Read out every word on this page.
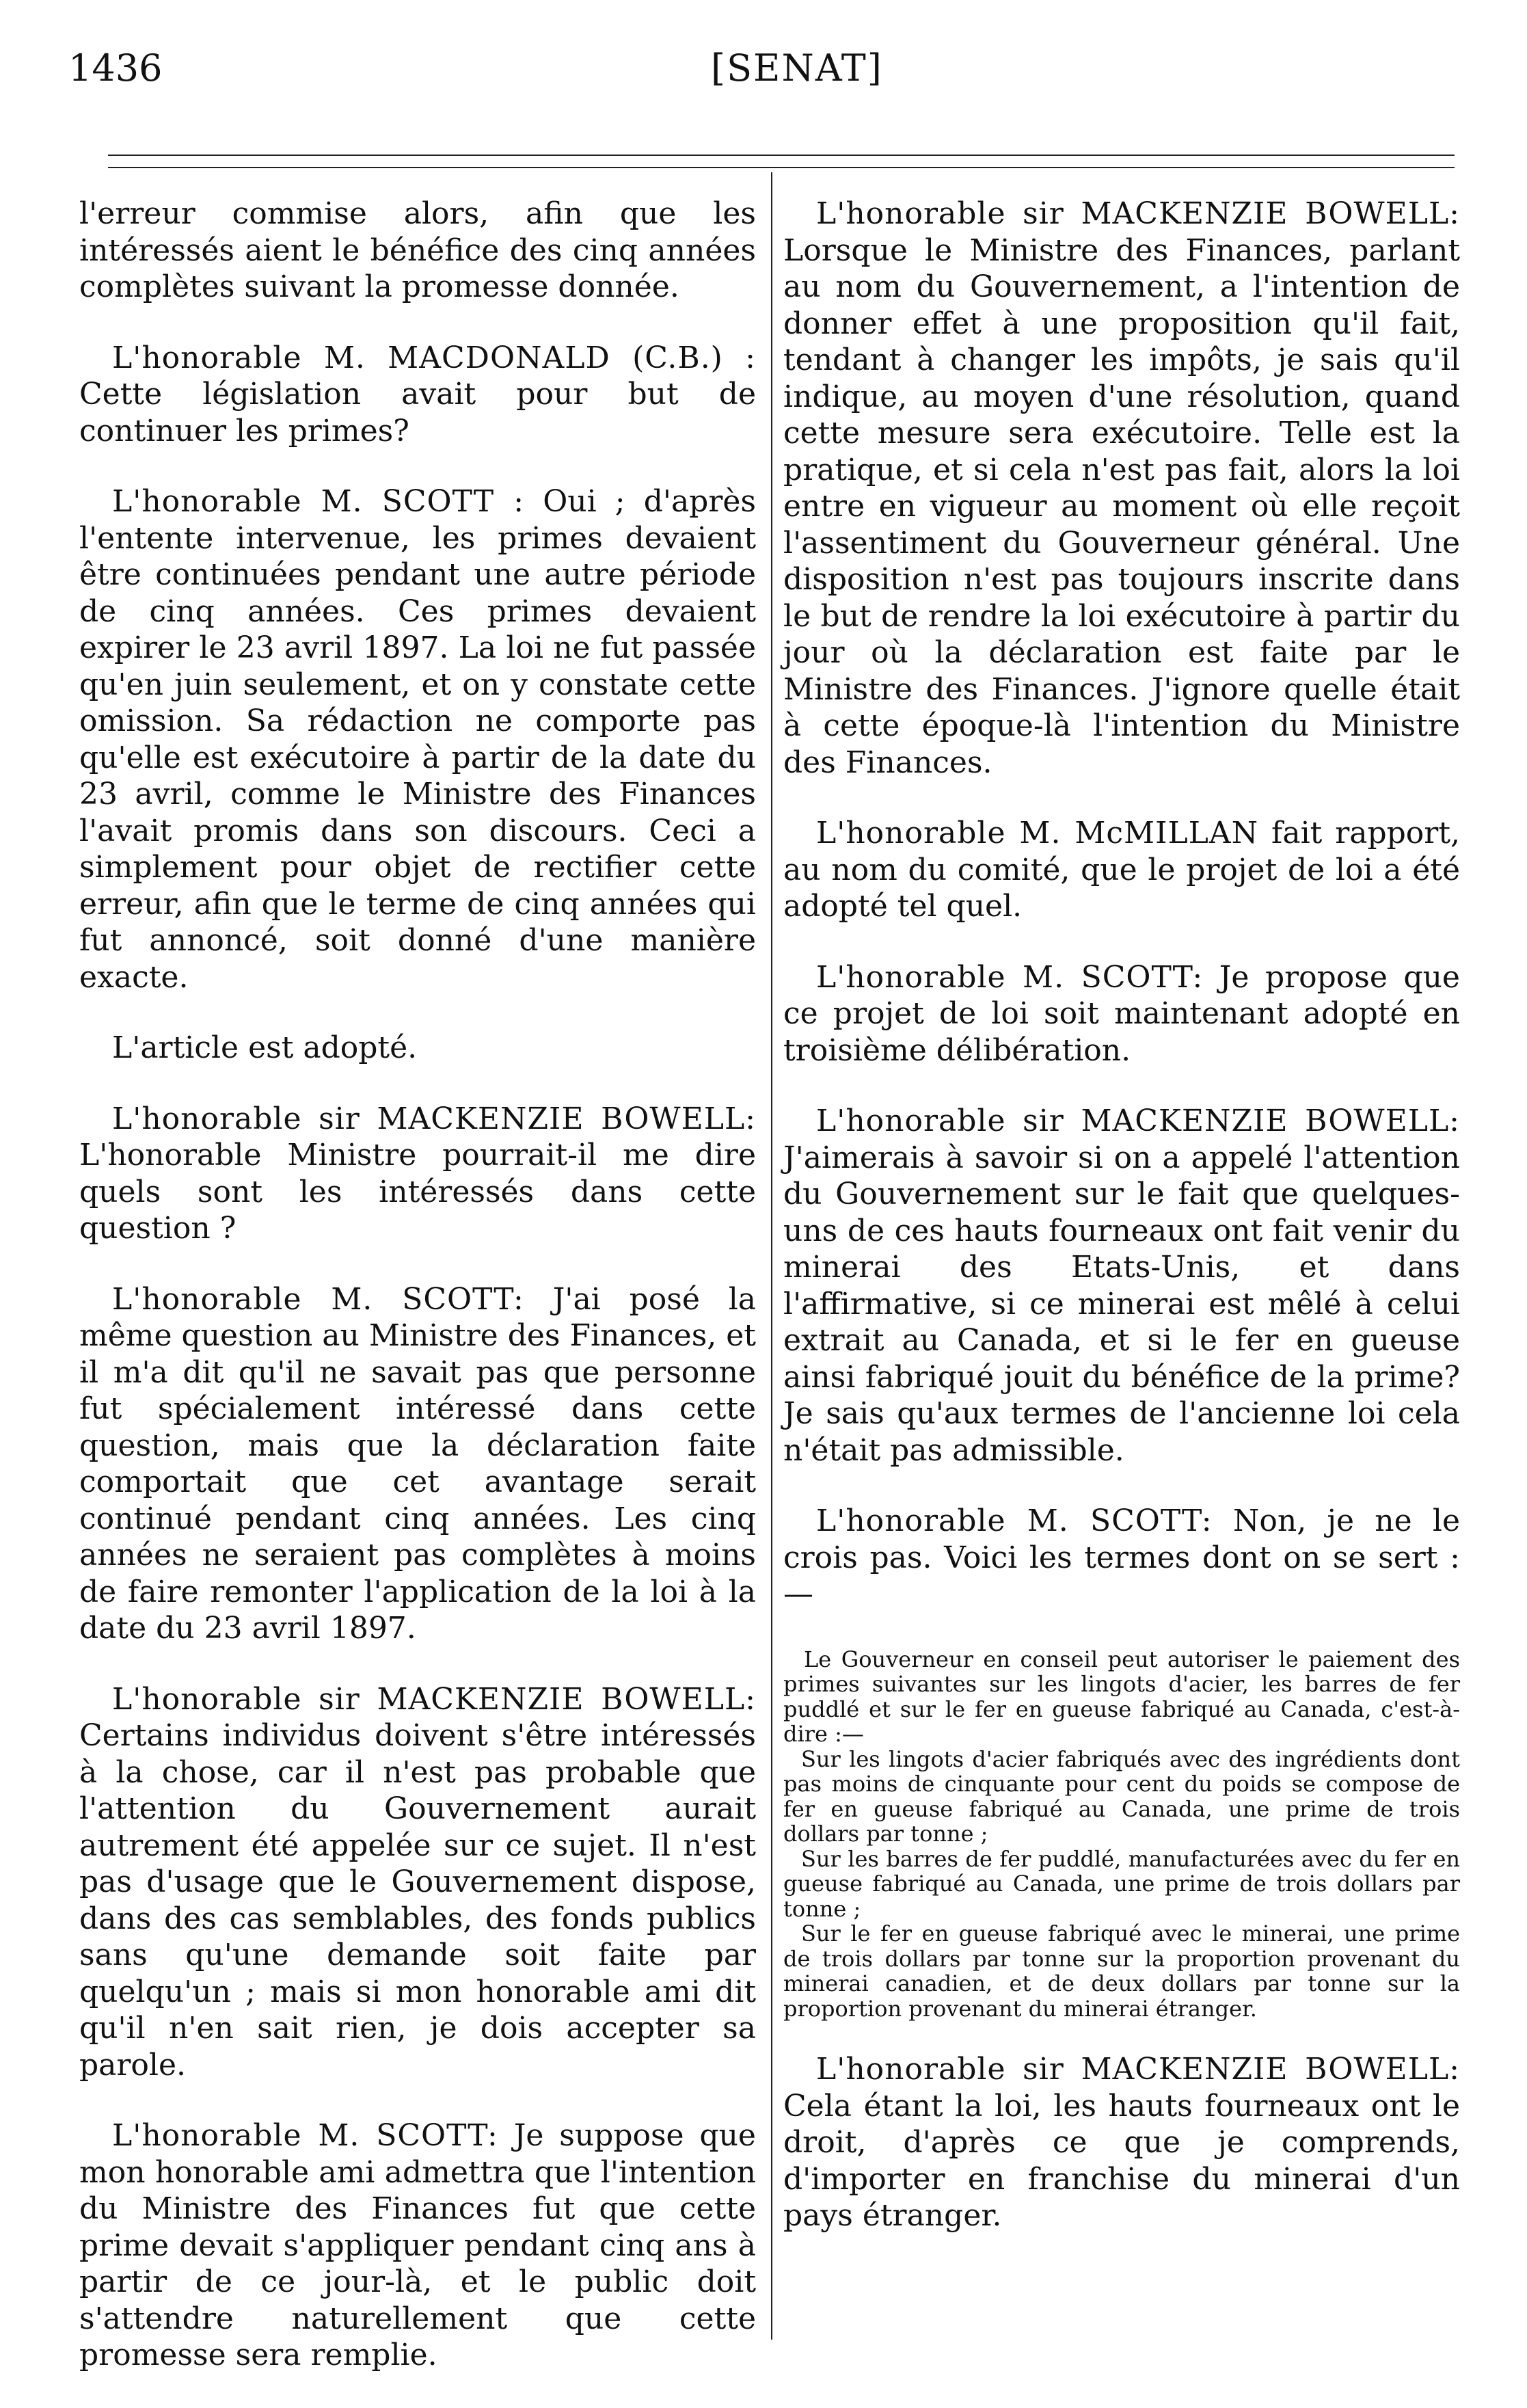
1436	[SENAT]

l'erreur commise alors, afin que les intéressés aient le bénéfice des cinq années complètes suivant la promesse donnée.

L'honorable M. MACDONALD (C.B.) : Cette législation avait pour but de continuer les primes?

L'honorable M. SCOTT : Oui ; d'après l'entente intervenue, les primes devaient être continuées pendant une autre période de cinq années. Ces primes devaient expirer le 23 avril 1897. La loi ne fut passée qu'en juin seulement, et on y constate cette omission. Sa rédaction ne comporte pas qu'elle est exécutoire à partir de la date du 23 avril, comme le Ministre des Finances l'avait promis dans son discours. Ceci a simplement pour objet de rectifier cette erreur, afin que le terme de cinq années qui fut annoncé, soit donné d'une manière exacte.

L'article est adopté.

L'honorable sir MACKENZIE BOWELL: L'honorable Ministre pourrait-il me dire quels sont les intéressés dans cette question ?

L'honorable M. SCOTT: J'ai posé la même question au Ministre des Finances, et il m'a dit qu'il ne savait pas que personne fut spécialement intéressé dans cette question, mais que la déclaration faite comportait que cet avantage serait continué pendant cinq années. Les cinq années ne seraient pas complètes à moins de faire remonter l'application de la loi à la date du 23 avril 1897.

L'honorable sir MACKENZIE BOWELL: Certains individus doivent s'être intéressés à la chose, car il n'est pas probable que l'attention du Gouvernement aurait autrement été appelée sur ce sujet. Il n'est pas d'usage que le Gouvernement dispose, dans des cas semblables, des fonds publics sans qu'une demande soit faite par quelqu'un ; mais si mon honorable ami dit qu'il n'en sait rien, je dois accepter sa parole.

L'honorable M. SCOTT: Je suppose que mon honorable ami admettra que l'intention du Ministre des Finances fut que cette prime devait s'appliquer pendant cinq ans à partir de ce jour-là, et le public doit s'attendre naturellement que cette promesse sera remplie.

L'honorable sir MACKENZIE BOWELL: Lorsque le Ministre des Finances, parlant au nom du Gouvernement, a l'intention de donner effet à une proposition qu'il fait, tendant à changer les impôts, je sais qu'il indique, au moyen d'une résolution, quand cette mesure sera exécutoire. Telle est la pratique, et si cela n'est pas fait, alors la loi entre en vigueur au moment où elle reçoit l'assentiment du Gouverneur général. Une disposition n'est pas toujours inscrite dans le but de rendre la loi exécutoire à partir du jour où la déclaration est faite par le Ministre des Finances. J'ignore quelle était à cette époque-là l'intention du Ministre des Finances.

L'honorable M. McMILLAN fait rapport, au nom du comité, que le projet de loi a été adopté tel quel.

L'honorable M. SCOTT: Je propose que ce projet de loi soit maintenant adopté en troisième délibération.

L'honorable sir MACKENZIE BOWELL: J'aimerais à savoir si on a appelé l'attention du Gouvernement sur le fait que quelques-uns de ces hauts fourneaux ont fait venir du minerai des Etats-Unis, et dans l'affirmative, si ce minerai est mêlé à celui extrait au Canada, et si le fer en gueuse ainsi fabriqué jouit du bénéfice de la prime? Je sais qu'aux termes de l'ancienne loi cela n'était pas admissible.

L'honorable M. SCOTT: Non, je ne le crois pas. Voici les termes dont on se sert :—

Le Gouverneur en conseil peut autoriser le paiement des primes suivantes sur les lingots d'acier, les barres de fer puddlé et sur le fer en gueuse fabriqué au Canada, c'est-à-dire :—

Sur les lingots d'acier fabriqués avec des ingrédients dont pas moins de cinquante pour cent du poids se compose de fer en gueuse fabriqué au Canada, une prime de trois dollars par tonne ;

Sur les barres de fer puddlé, manufacturées avec du fer en gueuse fabriqué au Canada, une prime de trois dollars par tonne ;

Sur le fer en gueuse fabriqué avec le minerai, une prime de trois dollars par tonne sur la proportion provenant du minerai canadien, et de deux dollars par tonne sur la proportion provenant du minerai étranger.

L'honorable sir MACKENZIE BOWELL: Cela étant la loi, les hauts fourneaux ont le droit, d'après ce que je comprends, d'importer en franchise du minerai d'un pays étranger.
